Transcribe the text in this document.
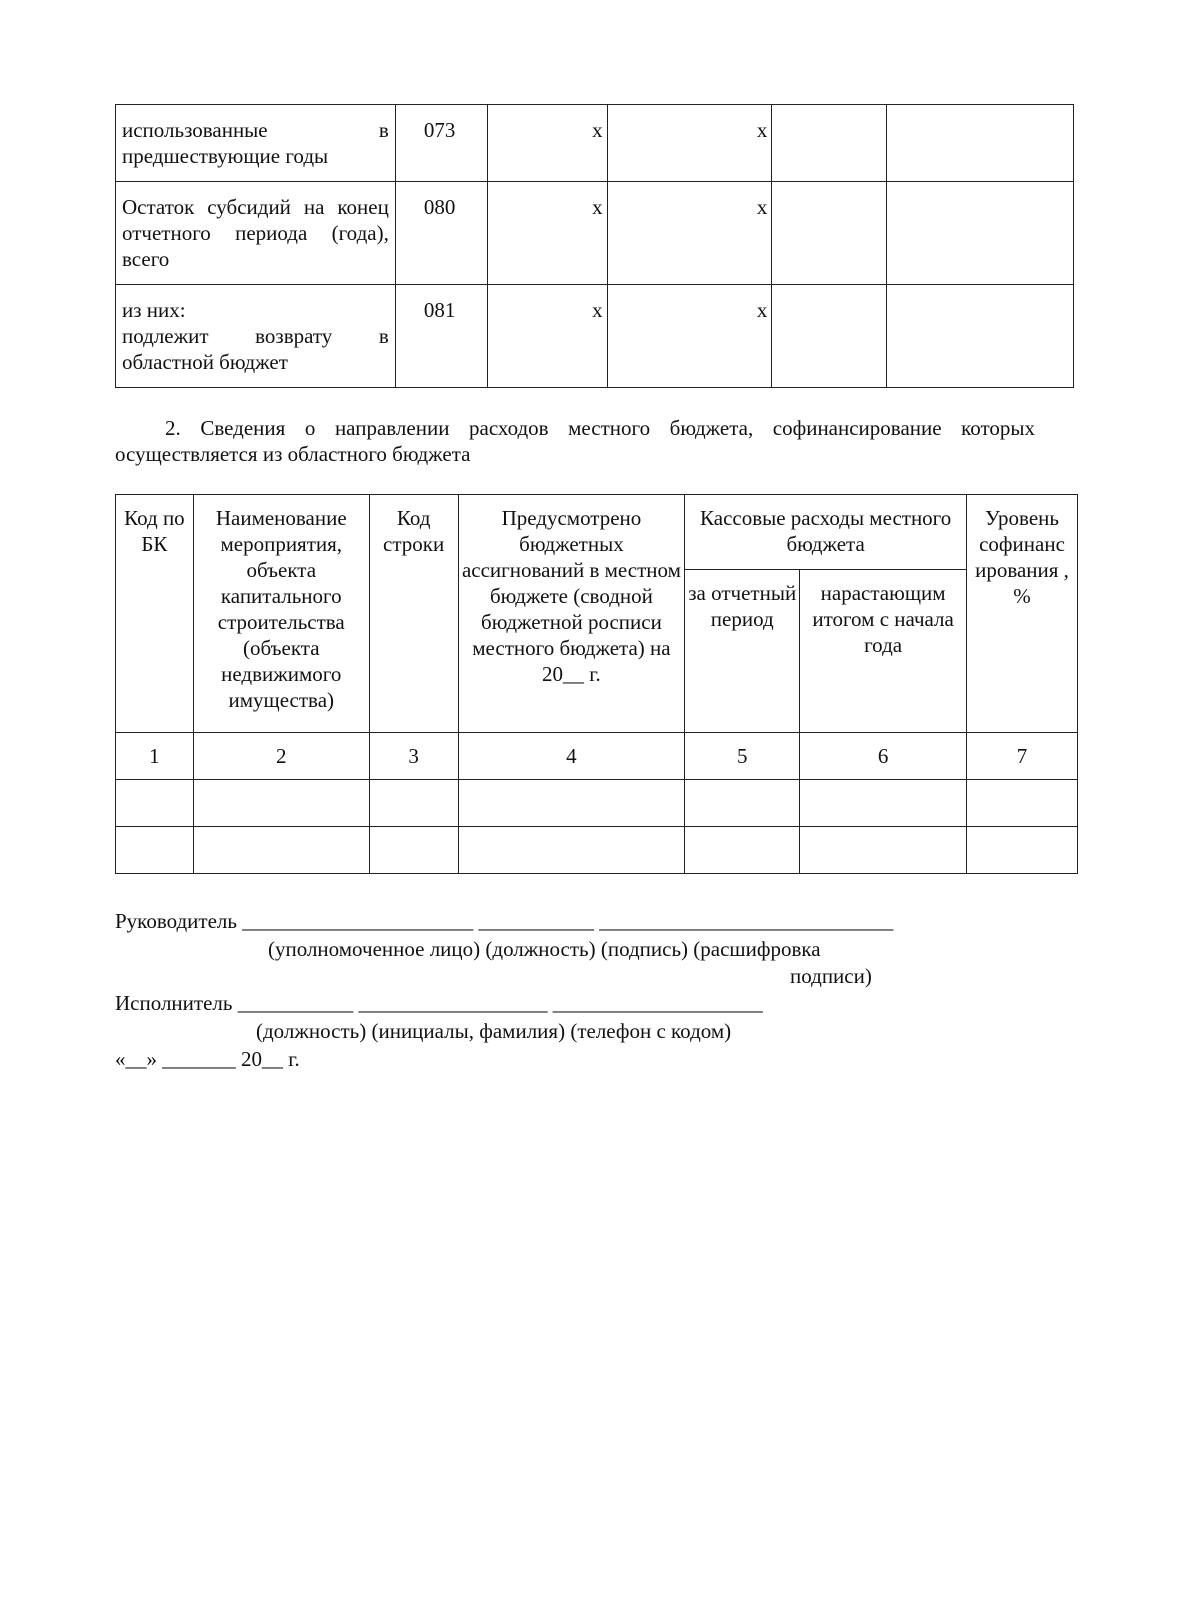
использованные в
предшествующие годы	073	x	x		
Остаток субсидий на конец отчетного периода (года), всего	080	x	x		

из них:
подлежит возврату в
областной бюджет	081	x	x		
2. Сведения о направлении расходов местного бюджета, софинансирование которых осуществляется из областного бюджета
Код по БК	Наименование мероприятия, объекта капитального строительства (объекта недвижимого имущества)	Код строки	Предусмотрено бюджетных ассигнований в местном бюджете (сводной бюджетной росписи местного бюджета) на 20__ г.	Кассовые расходы местного бюджета		Уровень софинанс ирования , %
				за отчетный период	нарастающим итогом с начала года	
1	2	3	4	5	6	7

Руководитель ______________________ ___________ ____________________________
(уполномоченное лицо) (должность) (подпись) (расшифровка
подписи)
Исполнитель ___________ __________________ ____________________
(должность) (инициалы, фамилия) (телефон с кодом)
«__» _______ 20__ г.
